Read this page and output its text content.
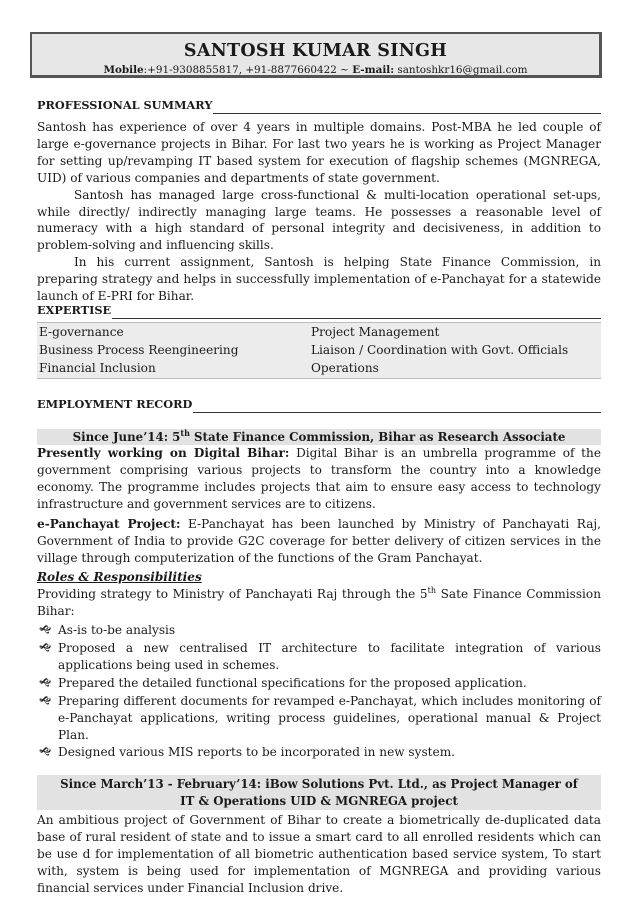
SANTOSH KUMAR SINGH
Mobile:+91-9308855817, +91-8877660422 ~ E-mail: santoshkr16@gmail.com
PROFESSIONAL SUMMARY

Santosh has experience of over 4 years in multiple domains. Post-MBA he led couple of large e-governance projects in Bihar. For last two years he is working as Project Manager for setting up/revamping IT based system for execution of flagship schemes (MGNREGA, UID) of various companies and departments of state government.

Santosh has managed large cross-functional & multi-location operational set-ups, while directly/ indirectly managing large teams. He possesses a reasonable level of numeracy with a high standard of personal integrity and decisiveness, in addition to problem-solving and influencing skills.

In his current assignment, Santosh is helping State Finance Commission, in preparing strategy and helps in successfully implementation of e-Panchayat for a statewide launch of E-PRI for Bihar.

EXPERTISE
E-governance	Project Management
Business Process Reengineering	Liaison / Coordination with Govt. Officials
Financial Inclusion	Operations
EMPLOYMENT RECORD
Since June’14: 5th State Finance Commission, Bihar as Research Associate

Presently working on Digital Bihar: Digital Bihar is an umbrella programme of the government comprising various projects to transform the country into a knowledge economy. The programme includes projects that aim to ensure easy access to technology infrastructure and government services are to citizens.

e-Panchayat Project: E-Panchayat has been launched by Ministry of Panchayati Raj, Government of India to provide G2C coverage for better delivery of citizen services in the village through computerization of the functions of the Gram Panchayat.

Roles & Responsibilities

Providing strategy to Ministry of Panchayati Raj through the 5th Sate Finance Commission Bihar:

🙝 As-is to-be analysis
🙝 Proposed a new centralised IT architecture to facilitate integration of various applications being used in schemes.
🙝 Prepared the detailed functional specifications for the proposed application.
🙝 Preparing different documents for revamped e-Panchayat, which includes monitoring of e-Panchayat applications, writing process guidelines, operational manual & Project Plan.
🙝 Designed various MIS reports to be incorporated in new system.
Since March’13 - February’14: iBow Solutions Pvt. Ltd., as Project Manager of IT & Operations UID & MGNREGA project

An ambitious project of Government of Bihar to create a biometrically de-duplicated data base of rural resident of state and to issue a smart card to all enrolled residents which can be use d for implementation of all biometric authentication based service system, To start with, system is being used for implementation of MGNREGA and providing various financial services under Financial Inclusion drive.
